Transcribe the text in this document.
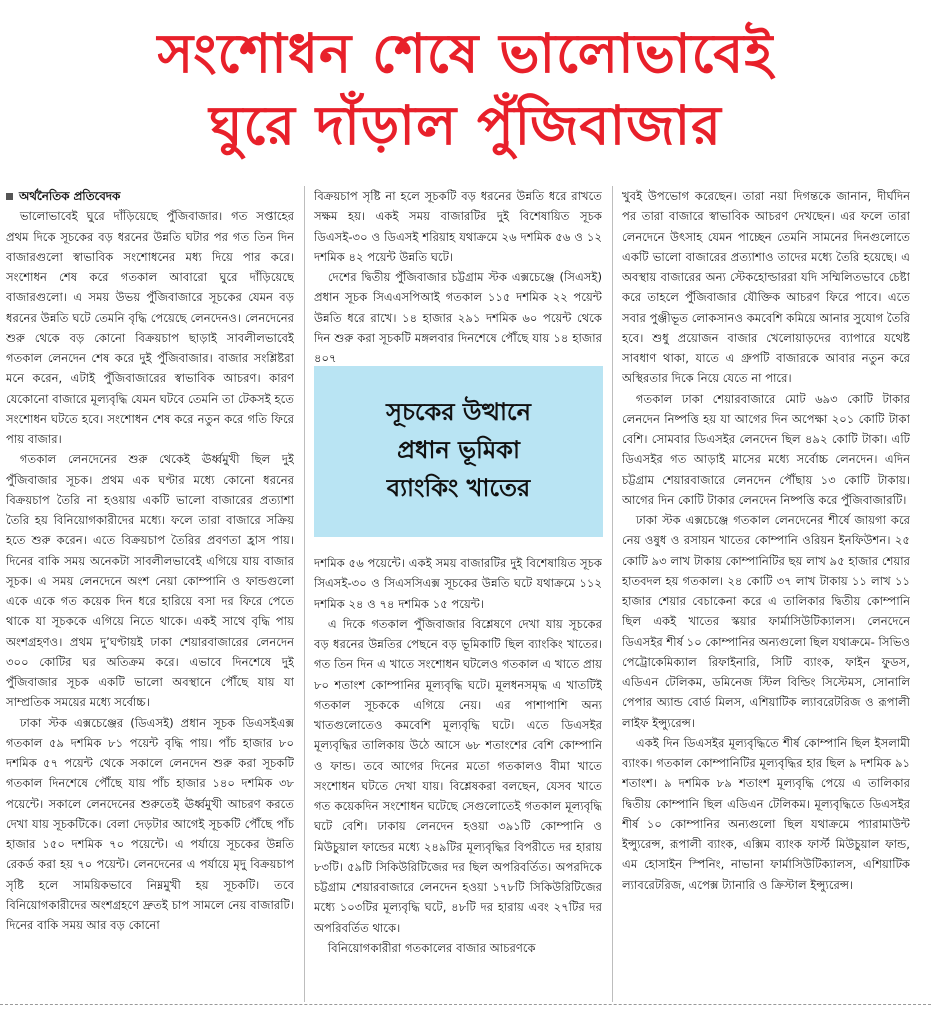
সংশোধন শেষে ভালোভাবেই
ঘুরে দাঁড়াল পুঁজিবাজার
অর্থনৈতিক প্রতিবেদক

ভালোভাবেই ঘুরে দাঁড়িয়েছে পুঁজিবাজার। গত সপ্তাহের প্রথম দিকে সূচকের বড় ধরনের উন্নতি ঘটার পর গত তিন দিন বাজারগুলো স্বাভাবিক সংশোধনের মধ্য দিয়ে পার করে। সংশোধন শেষ করে গতকাল আবারো ঘুরে দাঁড়িয়েছে বাজারগুলো। এ সময় উভয় পুঁজিবাজারে সূচকের যেমন বড় ধরনের উন্নতি ঘটে তেমনি বৃদ্ধি পেয়েছে লেনদেনও। লেনদেনের শুরু থেকে বড় কোনো বিক্রয়চাপ ছাড়াই সাবলীলভাবেই গতকাল লেনদেন শেষ করে দুই পুঁজিবাজার। বাজার সংশ্লিষ্টরা মনে করেন, এটাই পুঁজিবাজারের স্বাভাবিক আচরণ। কারণ যেকোনো বাজারে মূল্যবৃদ্ধি যেমন ঘটবে তেমনি তা টেকসই হতে সংশোধন ঘটতে হবে। সংশোধন শেষ করে নতুন করে গতি ফিরে পায় বাজার।

গতকাল লেনদেনের শুরু থেকেই ঊর্ধ্বমুখী ছিল দুই পুঁজিবাজার সূচক। প্রথম এক ঘণ্টার মধ্যে কোনো ধরনের বিক্রয়চাপ তৈরি না হওয়ায় একটি ভালো বাজারের প্রত্যাশা তৈরি হয় বিনিয়োগকারীদের মধ্যে। ফলে তারা বাজারে সক্রিয় হতে শুরু করেন। এতে বিক্রয়চাপ তৈরির প্রবণতা হ্রাস পায়। দিনের বাকি সময় অনেকটা সাবলীলভাবেই এগিয়ে যায় বাজার সূচক। এ সময় লেনদেনে অংশ নেয়া কোম্পানি ও ফান্ডগুলো একে একে গত কয়েক দিন ধরে হারিয়ে বসা দর ফিরে পেতে থাকে যা সূচককে এগিয়ে নিতে থাকে। একই সাথে বৃদ্ধি পায় অংশগ্রহণও। প্রথম দু’ঘণ্টায়ই ঢাকা শেয়ারবাজারের লেনদেন ৩০০ কোটির ঘর অতিক্রম করে। এভাবে দিনশেষে দুই পুঁজিবাজার সূচক একটি ভালো অবস্থানে পৌঁছে যায় যা সাম্প্রতিক সময়ের মধ্যে সর্বোচ্চ।

ঢাকা স্টক এক্সচেঞ্জের (ডিএসই) প্রধান সূচক ডিএসইএক্স গতকাল ৫৯ দশমিক ৮১ পয়েন্ট বৃদ্ধি পায়। পাঁচ হাজার ৮০ দশমিক ৫৭ পয়েন্ট থেকে সকালে লেনদেন শুরু করা সূচকটি গতকাল দিনশেষে পৌঁছে যায় পাঁচ হাজার ১৪০ দশমিক ৩৮ পয়েন্টে। সকালে লেনদেনের শুরুতেই ঊর্ধ্বমুখী আচরণ করতে দেখা যায় সূচকটিকে। বেলা দেড়টার আগেই সূচকটি পৌঁছে পাঁচ হাজার ১৫০ দশমিক ৭০ পয়েন্টে। এ পর্যায়ে সূচকের উন্নতি রেকর্ড করা হয় ৭০ পয়েন্ট। লেনদেনের এ পর্যায়ে মৃদু বিক্রয়চাপ সৃষ্টি হলে সাময়িকভাবে নিম্নমুখী হয় সূচকটি। তবে বিনিয়োগকারীদের অংশগ্রহণে দ্রুতই চাপ সামলে নেয় বাজারটি। দিনের বাকি সময় আর বড় কোনো

বিক্রয়চাপ সৃষ্টি না হলে সূচকটি বড় ধরনের উন্নতি ধরে রাখতে সক্ষম হয়। একই সময় বাজারটির দুই বিশেষায়িত সূচক ডিএসই-৩০ ও ডিএসই শরিয়াহ যথাক্রমে ২৬ দশমিক ৫৬ ও ১২ দশমিক ৪২ পয়েন্ট উন্নতি ঘটে।

দেশের দ্বিতীয় পুঁজিবাজার চট্টগ্রাম স্টক এক্সচেঞ্জে (সিএসই) প্রধান সূচক সিএএসপিআই গতকাল ১১৫ দশমিক ২২ পয়েন্ট উন্নতি ধরে রাখে। ১৪ হাজার ২৯১ দশমিক ৬০ পয়েন্ট থেকে দিন শুরু করা সূচকটি মঙ্গলবার দিনশেষে পৌঁছে যায় ১৪ হাজার ৪০৭

সূচকের উত্থানে
প্রধান ভূমিকা
ব্যাংকিং খাতের

দশমিক ৫৬ পয়েন্টে। একই সময় বাজারটির দুই বিশেষায়িত সূচক সিএসই-৩০ ও সিএসসিএক্স সূচকের উন্নতি ঘটে যথাক্রমে ১১২ দশমিক ২৪ ও ৭৪ দশমিক ১৫ পয়েন্ট।

এ দিকে গতকাল পুঁজিবাজার বিশ্লেষণে দেখা যায় সূচকের বড় ধরনের উন্নতির পেছনে বড় ভূমিকাটি ছিল ব্যাংকিং খাতের। গত তিন দিন এ খাতে সংশোধন ঘটলেও গতকাল এ খাতে প্রায় ৮০ শতাংশ কোম্পানির মূল্যবৃদ্ধি ঘটে। মূলধনসমৃদ্ধ এ খাতটিই গতকাল সূচককে এগিয়ে নেয়। এর পাশাপাশি অন্য খাতগুলোতেও কমবেশি মূল্যবৃদ্ধি ঘটে। এতে ডিএসইর মূল্যবৃদ্ধির তালিকায় উঠে আসে ৬৮ শতাংশের বেশি কোম্পানি ও ফান্ড। তবে আগের দিনের মতো গতকালও বীমা খাতে সংশোধন ঘটতে দেখা যায়। বিশ্লেষকরা বলছেন, যেসব খাতে গত কয়েকদিন সংশোধন ঘটেছে সেগুলোতেই গতকাল মূল্যবৃদ্ধি ঘটে বেশি। ঢাকায় লেনদেন হওয়া ৩৯১টি কোম্পানি ও মিউচুয়াল ফান্ডের মধ্যে ২৪৯টির মূল্যবৃদ্ধির বিপরীতে দর হারায় ৮৩টি। ৫৯টি সিকিউরিটিজের দর ছিল অপরিবর্তিত। অপরদিকে চট্টগ্রাম শেয়ারবাজারে লেনদেন হওয়া ১৭৮টি সিকিউরিটিজের মধ্যে ১০৩টির মূল্যবৃদ্ধি ঘটে, ৪৮টি দর হারায় এবং ২৭টির দর অপরিবর্তিত থাকে।

বিনিয়োগকারীরা গতকালের বাজার আচরণকে

খুবই উপভোগ করেছেন। তারা নয়া দিগন্তকে জানান, দীর্ঘদিন পর তারা বাজারে স্বাভাবিক আচরণ দেখছেন। এর ফলে তারা লেনদেনে উৎসাহ যেমন পাচ্ছেন তেমনি সামনের দিনগুলোতে একটি ভালো বাজারের প্রত্যাশাও তাদের মধ্যে তৈরি হয়েছে। এ অবস্থায় বাজারের অন্য স্টেকহোল্ডাররা যদি সম্মিলিতভাবে চেষ্টা করে তাহলে পুঁজিবাজার যৌক্তিক আচরণ ফিরে পাবে। এতে সবার পুঞ্জীভূত লোকসানও কমবেশি কমিয়ে আনার সুযোগ তৈরি হবে। শুধু প্রয়োজন বাজার খেলোয়াড়দের ব্যাপারে যথেষ্ট সাবধাণ থাকা, যাতে এ গ্রুপটি বাজারকে আবার নতুন করে অস্থিরতার দিকে নিয়ে যেতে না পারে।

গতকাল ঢাকা শেয়ারবাজারে মোট ৬৯৩ কোটি টাকার লেনদেন নিষ্পত্তি হয় যা আগের দিন অপেক্ষা ২০১ কোটি টাকা বেশি। সোমবার ডিএসইর লেনদেন ছিল ৪৯২ কোটি টাকা। এটি ডিএসইর গত আড়াই মাসের মধ্যে সর্বোচ্চ লেনদেন। এদিন চট্টগ্রাম শেয়ারবাজারে লেনদেন পৌঁছায় ১৩ কোটি টাকায়। আগের দিন কোটি টাকার লেনদেন নিষ্পত্তি করে পুঁজিবাজারটি।

ঢাকা স্টক এক্সচেঞ্জে গতকাল লেনদেনের শীর্ষে জায়গা করে নেয় ওষুধ ও রসায়ন খাতের কোম্পানি ওরিয়ন ইনফিউশন। ২৫ কোটি ৯৩ লাখ টাকায় কোম্পানিটির ছয় লাখ ৯৫ হাজার শেয়ার হাতবদল হয় গতকাল। ২৪ কোটি ৩৭ লাখ টাকায় ১১ লাখ ১১ হাজার শেয়ার বেচাকেনা করে এ তালিকার দ্বিতীয় কোম্পানি ছিল একই খাতের স্কয়ার ফার্মাসিউটিক্যালস। লেনদেনে ডিএসইর শীর্ষ ১০ কোম্পানির অন্যগুলো ছিল যথাক্রমে- সিভিও পেট্রোকেমিক্যাল রিফাইনারি, সিটি ব্যাংক, ফাইন ফুডস, এডিএন টেলিকম, ডমিনেজ স্টিল বিল্ডিং সিস্টেমস, সোনালি পেপার অ্যান্ড বোর্ড মিলস, এশিয়াটিক ল্যাবরেটরিজ ও রূপালী লাইফ ইন্স্যুরেন্স।

একই দিন ডিএসইর মূল্যবৃদ্ধিতে শীর্ষ কোম্পানি ছিল ইসলামী ব্যাংক। গতকাল কোম্পানিটির মূল্যবৃদ্ধির হার ছিল ৯ দশমিক ৯১ শতাংশ। ৯ দশমিক ৮৯ শতাংশ মূল্যবৃদ্ধি পেয়ে এ তালিকার দ্বিতীয় কোম্পানি ছিল এডিএন টেলিকম। মূল্যবৃদ্ধিতে ডিএসইর শীর্ষ ১০ কোম্পানির অন্যগুলো ছিল যথাক্রমে প্যারামাউন্ট ইন্স্যুরেন্স, রূপালী ব্যাংক, এক্সিম ব্যাংক ফার্স্ট মিউচুয়াল ফান্ড, এম হোসাইন স্পিনিং, নাভানা ফার্মাসিউটিক্যালস, এশিয়াটিক ল্যাবরেটরিজ, এপেক্স ট্যানারি ও ক্রিস্টাল ইন্স্যুরেন্স।
